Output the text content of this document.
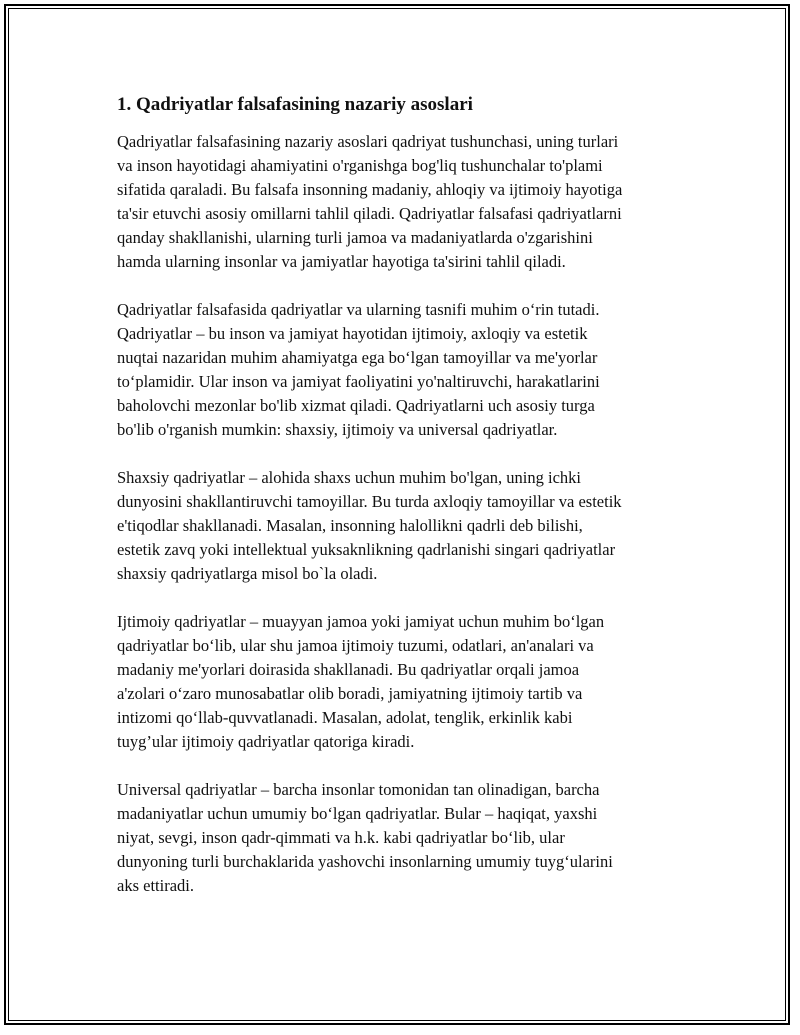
1. Qadriyatlar falsafasining nazariy asoslari
Qadriyatlar falsafasining nazariy asoslari qadriyat tushunchasi, uning turlari
va inson hayotidagi ahamiyatini o'rganishga bog'liq tushunchalar to'plami
sifatida qaraladi. Bu falsafa insonning madaniy, ahloqiy va ijtimoiy hayotiga
ta'sir etuvchi asosiy omillarni tahlil qiladi. Qadriyatlar falsafasi qadriyatlarni
qanday shakllanishi, ularning turli jamoa va madaniyatlarda o'zgarishini
hamda ularning insonlar va jamiyatlar hayotiga ta'sirini tahlil qiladi.
Qadriyatlar falsafasida qadriyatlar va ularning tasnifi muhim o‘rin tutadi.
Qadriyatlar – bu inson va jamiyat hayotidan ijtimoiy, axloqiy va estetik
nuqtai nazaridan muhim ahamiyatga ega bo‘lgan tamoyillar va me'yorlar
to‘plamidir. Ular inson va jamiyat faoliyatini yo'naltiruvchi, harakatlarini
baholovchi mezonlar bo'lib xizmat qiladi. Qadriyatlarni uch asosiy turga
bo'lib o'rganish mumkin: shaxsiy, ijtimoiy va universal qadriyatlar.
Shaxsiy qadriyatlar – alohida shaxs uchun muhim bo'lgan, uning ichki
dunyosini shakllantiruvchi tamoyillar. Bu turda axloqiy tamoyillar va estetik
e'tiqodlar shakllanadi. Masalan, insonning halollikni qadrli deb bilishi,
estetik zavq yoki intellektual yuksaknlikning qadrlanishi singari qadriyatlar
shaxsiy qadriyatlarga misol bo`la oladi.
Ijtimoiy qadriyatlar – muayyan jamoa yoki jamiyat uchun muhim bo‘lgan
qadriyatlar bo‘lib, ular shu jamoa ijtimoiy tuzumi, odatlari, an'analari va
madaniy me'yorlari doirasida shakllanadi. Bu qadriyatlar orqali jamoa
a'zolari o‘zaro munosabatlar olib boradi, jamiyatning ijtimoiy tartib va
intizomi qo‘llab-quvvatlanadi. Masalan, adolat, tenglik, erkinlik kabi
tuyg’ular ijtimoiy qadriyatlar qatoriga kiradi.
Universal qadriyatlar – barcha insonlar tomonidan tan olinadigan, barcha
madaniyatlar uchun umumiy bo‘lgan qadriyatlar. Bular – haqiqat, yaxshi
niyat, sevgi, inson qadr-qimmati va h.k. kabi qadriyatlar bo‘lib, ular
dunyoning turli burchaklarida yashovchi insonlarning umumiy tuyg‘ularini
aks ettiradi.
